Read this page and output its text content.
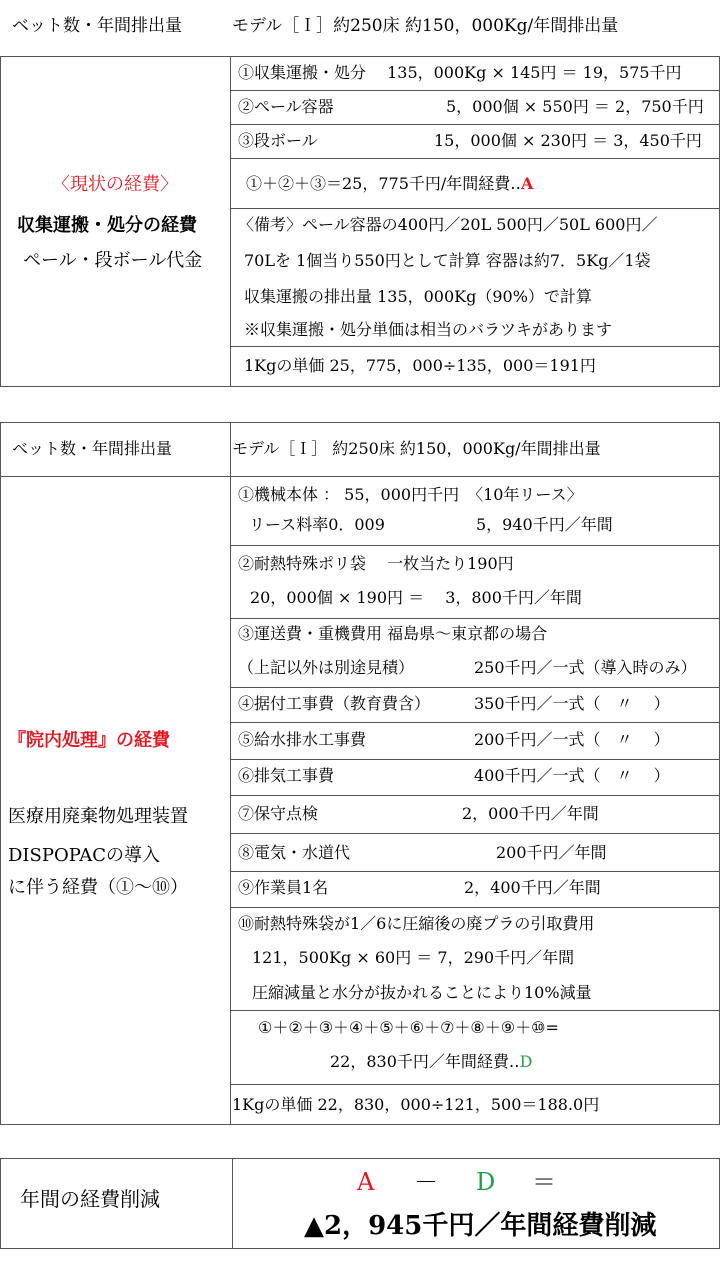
ベット数・年間排出量	モデル［Ｉ］約250床 約150，000Kg/年間排出量
〈現状の経費〉
収集運搬・処分の経費
ペール・段ボール代金
①収集運搬・処分　 135，000Kg × 145円 ＝ 19，575千円
②ペール容器	5，000個 × 550円 ＝ 2，750千円
③段ボール	15，000個 × 230円 ＝ 3，450千円
①＋②＋③＝25，775千円/年間経費‥A
〈備考〉ペール容器の400円／20L 500円／50L 600円／
70Lを 1個当り550円として計算 容器は約7．5Kg／1袋
収集運搬の排出量 135，000Kg（90%）で計算
※収集運搬・処分単価は相当のバラツキがあります
1Kgの単価 25，775，000÷135，000＝191円
ベット数・年間排出量	モデル［Ｉ］ 約250床 約150，000Kg/年間排出量
『院内処理』の経費
医療用廃棄物処理装置
DISPOPACの導入
に伴う経費（①～⑩）
①機械本体 ： 55，000円千円　〈10年リース〉
リース料率0．009	5，940千円／年間
②耐熱特殊ポリ袋　 一枚当たり190円
20，000個 × 190円 ＝　 3，800千円／年間
③運送費・重機費用 福島県～東京都の場合
（上記以外は別途見積）	250千円／一式（導入時のみ）
④据付工事費（教育費含）	350千円／一式（　〃　 ）
⑤給水排水工事費	200千円／一式（　〃　 ）
⑥排気工事費	400千円／一式（　〃　 ）
⑦保守点検	2，000千円／年間
⑧電気・水道代	200千円／年間
⑨作業員1名	2，400千円／年間
⑩耐熱特殊袋が1／6に圧縮後の廃プラの引取費用
121，500Kg × 60円 ＝ 7，290千円／年間
圧縮減量と水分が抜かれることにより10%減量
①＋②＋③＋④＋⑤＋⑥＋⑦＋⑧＋⑨＋⑩=
22，830千円／年間経費‥D
1Kgの単価 22，830，000÷121，500＝188.0円
年間の経費削減
A － D ＝
▲2，945千円／年間経費削減
